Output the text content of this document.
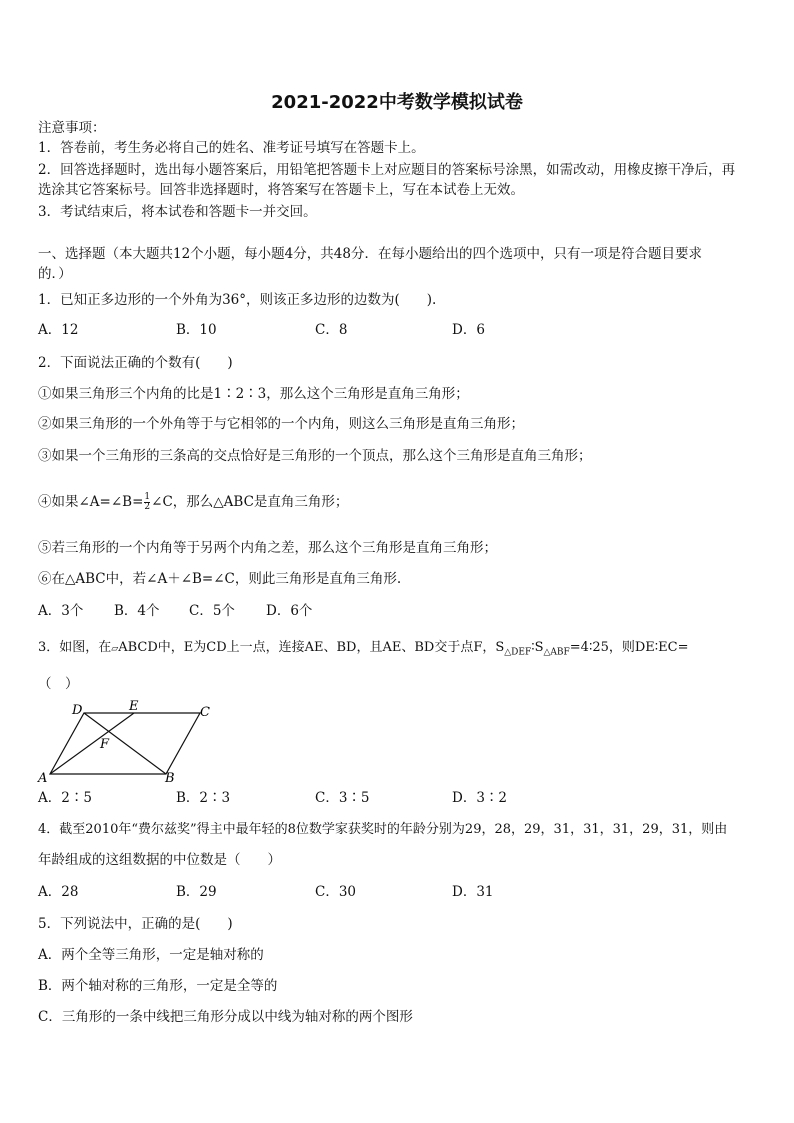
2021-2022中考数学模拟试卷
注意事项：
1．答卷前，考生务必将自己的姓名、准考证号填写在答题卡上。
2．回答选择题时，选出每小题答案后，用铅笔把答题卡上对应题目的答案标号涂黑，如需改动，用橡皮擦干净后，再
选涂其它答案标号。回答非选择题时，将答案写在答题卡上，写在本试卷上无效。
3．考试结束后，将本试卷和答题卡一并交回。
一、选择题（本大题共12个小题，每小题4分，共48分．在每小题给出的四个选项中，只有一项是符合题目要求
的．）
1．已知正多边形的一个外角为36°，则该正多边形的边数为(　　).
A．12	B．10	C．8	D．6
2．下面说法正确的个数有(　　)
①如果三角形三个内角的比是1∶2∶3，那么这个三角形是直角三角形；
②如果三角形的一个外角等于与它相邻的一个内角，则这么三角形是直角三角形；
③如果一个三角形的三条高的交点恰好是三角形的一个顶点，那么这个三角形是直角三角形；
④如果∠A=∠B= $\frac{1}{2}$ ∠C，那么△ABC是直角三角形；
⑤若三角形的一个内角等于另两个内角之差，那么这个三角形是直角三角形；
⑥在△ABC中，若∠A＋∠B=∠C，则此三角形是直角三角形.
A．3个 B．4个 C．5个 D．6个
3．如图，在▱ABCD中，E为CD上一点，连接AE、BD，且AE、BD交于点F，$S_{\triangle DEF}∶S_{\triangle ABF}=4∶25$，则DE∶EC=
（　）
A	B
C
D	E
F
A．2∶5	B．2∶3	C．3∶5	D．3∶2
4．截至2010年“费尔兹奖”得主中最年轻的8位数学家获奖时的年龄分别为29，28，29，31，31，31，29，31，则由
年龄组成的这组数据的中位数是（　　）
A．28	B．29	C．30	D．31
5．下列说法中，正确的是(　　)
A．两个全等三角形，一定是轴对称的
B．两个轴对称的三角形，一定是全等的
C．三角形的一条中线把三角形分成以中线为轴对称的两个图形
